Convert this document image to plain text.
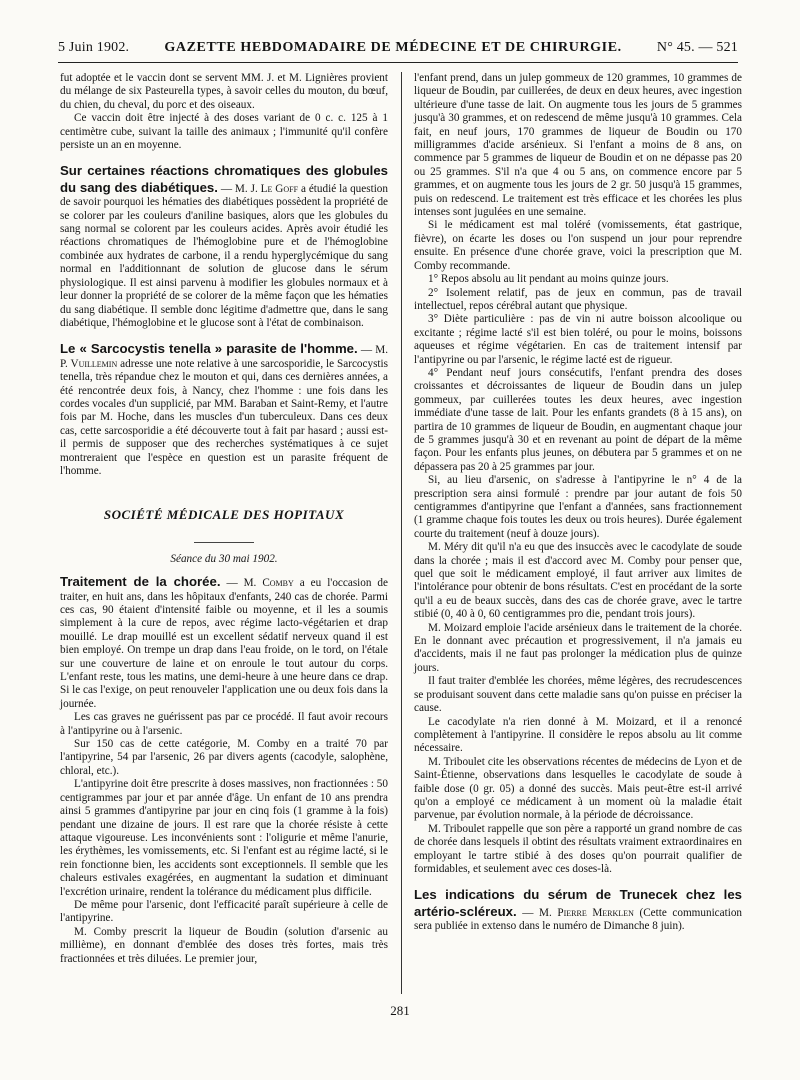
5 Juin 1902.	GAZETTE HEBDOMADAIRE DE MÉDECINE ET DE CHIRURGIE.	N° 45. — 521

fut adoptée et le vaccin dont se servent MM. J. et M. Lignières provient du mélange de six Pasteurella types, à savoir celles du mouton, du bœuf, du chien, du cheval, du porc et des oiseaux.

Ce vaccin doit être injecté à des doses variant de 0 c. c. 125 à 1 centimètre cube, suivant la taille des animaux ; l'immunité qu'il confère persiste un an en moyenne.

Sur certaines réactions chromatiques des globules du sang des diabétiques. — M. J. Le Goff a étudié la question de savoir pourquoi les hématies des diabétiques possèdent la propriété de se colorer par les couleurs d'aniline basiques, alors que les globules du sang normal se colorent par les couleurs acides. Après avoir étudié les réactions chromatiques de l'hémoglobine pure et de l'hémoglobine combinée aux hydrates de carbone, il a rendu hyperglycémique du sang normal en l'additionnant de solution de glucose dans le sérum physiologique. Il est ainsi parvenu à modifier les globules normaux et à leur donner la propriété de se colorer de la même façon que les hématies du sang diabétique. Il semble donc légitime d'admettre que, dans le sang diabétique, l'hémoglobine et le glucose sont à l'état de combinaison.

Le « Sarcocystis tenella » parasite de l'homme. — M. P. Vuillemin adresse une note relative à une sarcosporidie, le Sarcocystis tenella, très répandue chez le mouton et qui, dans ces dernières années, a été rencontrée deux fois, à Nancy, chez l'homme : une fois dans les cordes vocales d'un supplicié, par MM. Baraban et Saint-Remy, et l'autre fois par M. Hoche, dans les muscles d'un tuberculeux. Dans ces deux cas, cette sarcosporidie a été découverte tout à fait par hasard ; aussi est-il permis de supposer que des recherches systématiques à ce sujet montreraient que l'espèce en question est un parasite fréquent de l'homme.

SOCIÉTÉ MÉDICALE DES HOPITAUX
Séance du 30 mai 1902.

Traitement de la chorée. — M. Comby a eu l'occasion de traiter, en huit ans, dans les hôpitaux d'enfants, 240 cas de chorée. Parmi ces cas, 90 étaient d'intensité faible ou moyenne, et il les a soumis simplement à la cure de repos, avec régime lacto-végétarien et drap mouillé. Le drap mouillé est un excellent sédatif nerveux quand il est bien employé. On trempe un drap dans l'eau froide, on le tord, on l'étale sur une couverture de laine et on enroule le tout autour du corps. L'enfant reste, tous les matins, une demi-heure à une heure dans ce drap. Si le cas l'exige, on peut renouveler l'application une ou deux fois dans la journée.

Les cas graves ne guérissent pas par ce procédé. Il faut avoir recours à l'antipyrine ou à l'arsenic.

Sur 150 cas de cette catégorie, M. Comby en a traité 70 par l'antipyrine, 54 par l'arsenic, 26 par divers agents (cacodyle, salophène, chloral, etc.).

L'antipyrine doit être prescrite à doses massives, non fractionnées : 50 centigrammes par jour et par année d'âge. Un enfant de 10 ans prendra ainsi 5 grammes d'antipyrine par jour en cinq fois (1 gramme à la fois) pendant une dizaine de jours. Il est rare que la chorée résiste à cette attaque vigoureuse. Les inconvénients sont : l'oligurie et même l'anurie, les érythèmes, les vomissements, etc. Si l'enfant est au régime lacté, si le rein fonctionne bien, les accidents sont exceptionnels. Il semble que les chaleurs estivales exagérées, en augmentant la sudation et diminuant l'excrétion urinaire, rendent la tolérance du médicament plus difficile.

De même pour l'arsenic, dont l'efficacité paraît supérieure à celle de l'antipyrine.

M. Comby prescrit la liqueur de Boudin (solution d'arsenic au millième), en donnant d'emblée des doses très fortes, mais très fractionnées et très diluées. Le premier jour,

l'enfant prend, dans un julep gommeux de 120 grammes, 10 grammes de liqueur de Boudin, par cuillerées, de deux en deux heures, avec ingestion ultérieure d'une tasse de lait. On augmente tous les jours de 5 grammes jusqu'à 30 grammes, et on redescend de même jusqu'à 10 grammes. Cela fait, en neuf jours, 170 grammes de liqueur de Boudin ou 170 milligrammes d'acide arsénieux. Si l'enfant a moins de 8 ans, on commence par 5 grammes de liqueur de Boudin et on ne dépasse pas 20 ou 25 grammes. S'il n'a que 4 ou 5 ans, on commence encore par 5 grammes, et on augmente tous les jours de 2 gr. 50 jusqu'à 15 grammes, puis on redescend. Le traitement est très efficace et les chorées les plus intenses sont jugulées en une semaine.

Si le médicament est mal toléré (vomissements, état gastrique, fièvre), on écarte les doses ou l'on suspend un jour pour reprendre ensuite. En présence d'une chorée grave, voici la prescription que M. Comby recommande.

1° Repos absolu au lit pendant au moins quinze jours.

2° Isolement relatif, pas de jeux en commun, pas de travail intellectuel, repos cérébral autant que physique.

3° Diète particulière : pas de vin ni autre boisson alcoolique ou excitante ; régime lacté s'il est bien toléré, ou pour le moins, boissons aqueuses et régime végétarien. En cas de traitement intensif par l'antipyrine ou par l'arsenic, le régime lacté est de rigueur.

4° Pendant neuf jours consécutifs, l'enfant prendra des doses croissantes et décroissantes de liqueur de Boudin dans un julep gommeux, par cuillerées toutes les deux heures, avec ingestion immédiate d'une tasse de lait. Pour les enfants grandets (8 à 15 ans), on partira de 10 grammes de liqueur de Boudin, en augmentant chaque jour de 5 grammes jusqu'à 30 et en revenant au point de départ de la même façon. Pour les enfants plus jeunes, on débutera par 5 grammes et on ne dépassera pas 20 à 25 grammes par jour.

Si, au lieu d'arsenic, on s'adresse à l'antipyrine le n° 4 de la prescription sera ainsi formulé : prendre par jour autant de fois 50 centigrammes d'antipyrine que l'enfant a d'années, sans fractionnement (1 gramme chaque fois toutes les deux ou trois heures). Durée également courte du traitement (neuf à douze jours).

M. Méry dit qu'il n'a eu que des insuccès avec le cacodylate de soude dans la chorée ; mais il est d'accord avec M. Comby pour penser que, quel que soit le médicament employé, il faut arriver aux limites de l'intolérance pour obtenir de bons résultats. C'est en procédant de la sorte qu'il a eu de beaux succès, dans des cas de chorée grave, avec le tartre stibié (0, 40 à 0, 60 centigrammes pro die, pendant trois jours).

M. Moizard emploie l'acide arsénieux dans le traitement de la chorée. En le donnant avec précaution et progressivement, il n'a jamais eu d'accidents, mais il ne faut pas prolonger la médication plus de quinze jours.

Il faut traiter d'emblée les chorées, même légères, des recrudescences se produisant souvent dans cette maladie sans qu'on puisse en préciser la cause.

Le cacodylate n'a rien donné à M. Moizard, et il a renoncé complètement à l'antipyrine. Il considère le repos absolu au lit comme nécessaire.

M. Triboulet cite les observations récentes de médecins de Lyon et de Saint-Étienne, observations dans lesquelles le cacodylate de soude à faible dose (0 gr. 05) a donné des succès. Mais peut-être est-il arrivé qu'on a employé ce médicament à un moment où la maladie était parvenue, par évolution normale, à la période de décroissance.

M. Triboulet rappelle que son père a rapporté un grand nombre de cas de chorée dans lesquels il obtint des résultats vraiment extraordinaires en employant le tartre stibié à des doses qu'on pourrait qualifier de formidables, et seulement avec ces doses-là.

Les indications du sérum de Trunecek chez les artério-scléreux. — M. Pierre Merklen (Cette communication sera publiée in extenso dans le numéro de Dimanche 8 juin).

281
